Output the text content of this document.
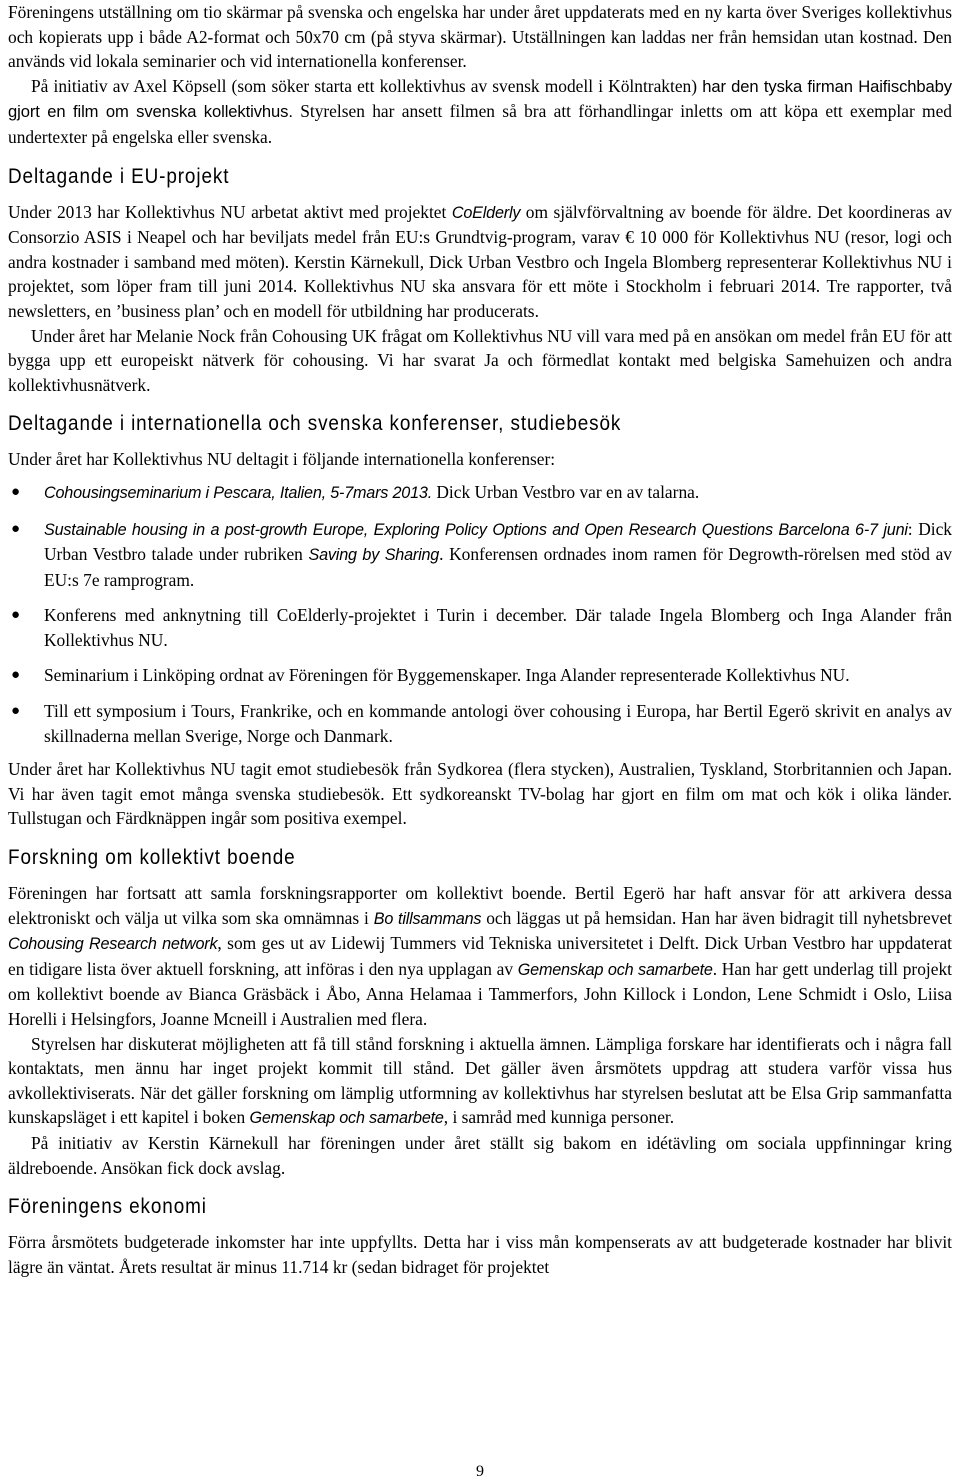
Föreningens utställning om tio skärmar på svenska och engelska har under året uppdaterats med en ny karta över Sveriges kollektivhus och kopierats upp i både A2-format och 50x70 cm (på styva skärmar). Utställningen kan laddas ner från hemsidan utan kostnad. Den används vid lokala seminarier och vid internationella konferenser.

På initiativ av Axel Köpsell (som söker starta ett kollektivhus av svensk modell i Kölntrakten) har den tyska firman Haifischbaby gjort en film om svenska kollektivhus. Styrelsen har ansett filmen så bra att förhandlingar inletts om att köpa ett exemplar med undertexter på engelska eller svenska.

Deltagande i EU-projekt

Under 2013 har Kollektivhus NU arbetat aktivt med projektet CoElderly om självförvaltning av boende för äldre. Det koordineras av Consorzio ASIS i Neapel och har beviljats medel från EU:s Grundtvig-program, varav € 10 000 för Kollektivhus NU (resor, logi och andra kostnader i samband med möten). Kerstin Kärnekull, Dick Urban Vestbro och Ingela Blomberg representerar Kollektivhus NU i projektet, som löper fram till juni 2014. Kollektivhus NU ska ansvara för ett möte i Stockholm i februari 2014. Tre rapporter, två newsletters, en ’business plan’ och en modell för utbildning har producerats.

Under året har Melanie Nock från Cohousing UK frågat om Kollektivhus NU vill vara med på en ansökan om medel från EU för att bygga upp ett europeiskt nätverk för cohousing. Vi har svarat Ja och förmedlat kontakt med belgiska Samehuizen och andra kollektivhusnätverk.

Deltagande i internationella och svenska konferenser, studiebesök

Under året har Kollektivhus NU deltagit i följande internationella konferenser:

● Cohousingseminarium i Pescara, Italien, 5-7mars 2013. Dick Urban Vestbro var en av talarna.
● Sustainable housing in a post-growth Europe, Exploring Policy Options and Open Research Questions Barcelona 6-7 juni: Dick Urban Vestbro talade under rubriken Saving by Sharing. Konferensen ordnades inom ramen för Degrowth-rörelsen med stöd av EU:s 7e ramprogram.
● Konferens med anknytning till CoElderly-projektet i Turin i december. Där talade Ingela Blomberg och Inga Alander från Kollektivhus NU.
● Seminarium i Linköping ordnat av Föreningen för Byggemenskaper. Inga Alander representerade Kollektivhus NU.
● Till ett symposium i Tours, Frankrike, och en kommande antologi över cohousing i Europa, har Bertil Egerö skrivit en analys av skillnaderna mellan Sverige, Norge och Danmark.

Under året har Kollektivhus NU tagit emot studiebesök från Sydkorea (flera stycken), Australien, Tyskland, Storbritannien och Japan. Vi har även tagit emot många svenska studiebesök. Ett sydkoreanskt TV-bolag har gjort en film om mat och kök i olika länder. Tullstugan och Färdknäppen ingår som positiva exempel.

Forskning om kollektivt boende

Föreningen har fortsatt att samla forskningsrapporter om kollektivt boende. Bertil Egerö har haft ansvar för att arkivera dessa elektroniskt och välja ut vilka som ska omnämnas i Bo tillsammans och läggas ut på hemsidan. Han har även bidragit till nyhetsbrevet Cohousing Research network, som ges ut av Lidewij Tummers vid Tekniska universitetet i Delft. Dick Urban Vestbro har uppdaterat en tidigare lista över aktuell forskning, att införas i den nya upplagan av Gemenskap och samarbete. Han har gett underlag till projekt om kollektivt boende av Bianca Gräsbäck i Åbo, Anna Helamaa i Tammerfors, John Killock i London, Lene Schmidt i Oslo, Liisa Horelli i Helsingfors, Joanne Mcneill i Australien med flera.

Styrelsen har diskuterat möjligheten att få till stånd forskning i aktuella ämnen. Lämpliga forskare har identifierats och i några fall kontaktats, men ännu har inget projekt kommit till stånd. Det gäller även årsmötets uppdrag att studera varför vissa hus avkollektiviserats. När det gäller forskning om lämplig utformning av kollektivhus har styrelsen beslutat att be Elsa Grip sammanfatta kunskapsläget i ett kapitel i boken Gemenskap och samarbete, i samråd med kunniga personer.

På initiativ av Kerstin Kärnekull har föreningen under året ställt sig bakom en idétävling om sociala uppfinningar kring äldreboende. Ansökan fick dock avslag.

Föreningens ekonomi

Förra årsmötets budgeterade inkomster har inte uppfyllts. Detta har i viss mån kompenserats av att budgeterade kostnader har blivit lägre än väntat. Årets resultat är minus 11.714 kr (sedan bidraget för projektet

9
